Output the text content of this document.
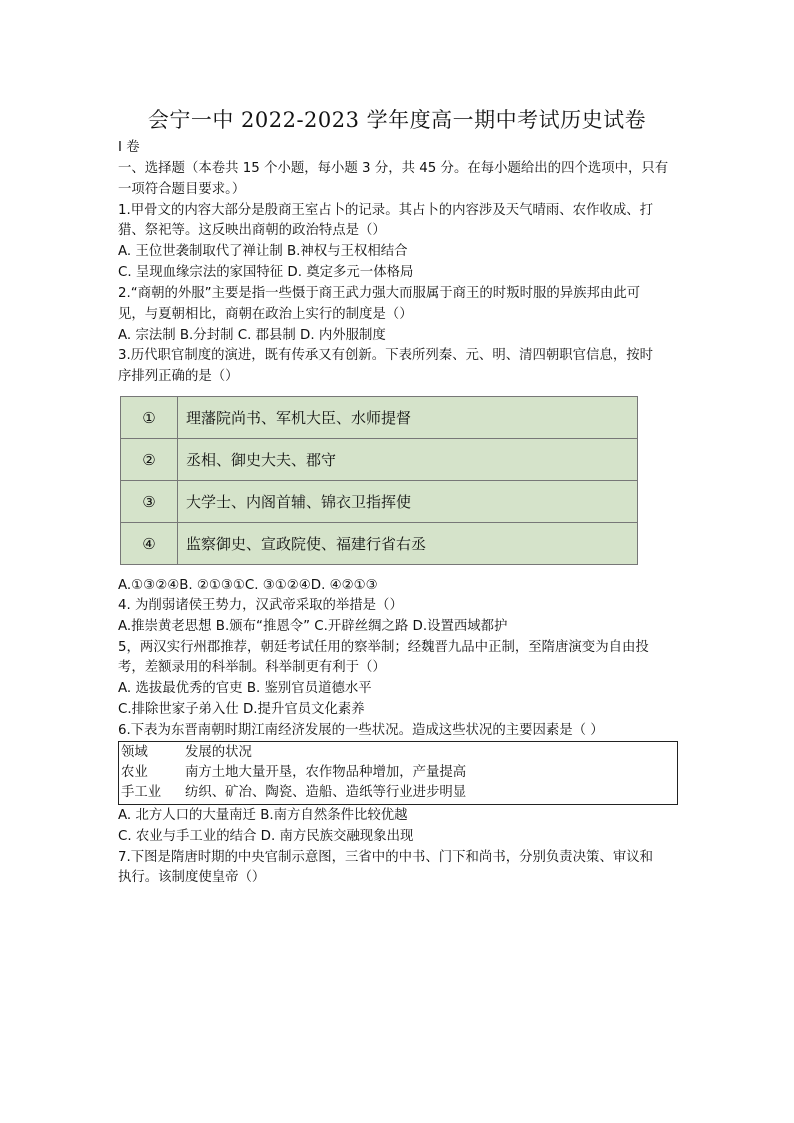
会宁一中 2022-2023 学年度高一期中考试历史试卷
I 卷
一、选择题（本卷共 15 个小题，每小题 3 分，共 45 分。在每小题给出的四个选项中，只有
一项符合题目要求。）
1.甲骨文的内容大部分是殷商王室占卜的记录。其占卜的内容涉及天气晴雨、农作收成、打
猎、祭祀等。这反映出商朝的政治特点是（）
A. 王位世袭制取代了禅让制 B.神权与王权相结合
C. 呈现血缘宗法的家国特征 D. 奠定多元一体格局
2.“商朝的外服”主要是指一些慑于商王武力强大而服属于商王的时叛时服的异族邦由此可
见，与夏朝相比，商朝在政治上实行的制度是（）
A. 宗法制 B.分封制 C. 郡县制 D. 内外服制度
3.历代职官制度的演进，既有传承又有创新。下表所列秦、元、明、清四朝职官信息，按时
序排列正确的是（）
①	理藩院尚书、军机大臣、水师提督
②	丞相、御史大夫、郡守
③	大学士、内阁首辅、锦衣卫指挥使
④	监察御史、宣政院使、福建行省右丞
A.①③②④B. ②①③①C. ③①②④D. ④②①③
4. 为削弱诸侯王势力，汉武帝采取的举措是（）
A.推崇黄老思想 B.颁布“推恩令” C.开辟丝绸之路 D.设置西域都护
5，两汉实行州郡推荐，朝廷考试任用的察举制；经魏晋九品中正制，至隋唐演变为自由投
考，差额录用的科举制。科举制更有利于（）
A. 选拔最优秀的官吏 B. 鉴别官员道德水平
C.排除世家子弟入仕 D.提升官员文化素养
6.下表为东晋南朝时期江南经济发展的一些状况。造成这些状况的主要因素是（ ）
领域	发展的状况
农业	南方土地大量开垦，农作物品种增加，产量提高
手工业 纺织、矿冶、陶瓷、造船、造纸等行业进步明显
A. 北方人口的大量南迁 B.南方自然条件比较优越
C. 农业与手工业的结合 D. 南方民族交融现象出现
7.下图是隋唐时期的中央官制示意图，三省中的中书、门下和尚书，分别负责决策、审议和
执行。该制度使皇帝（）
